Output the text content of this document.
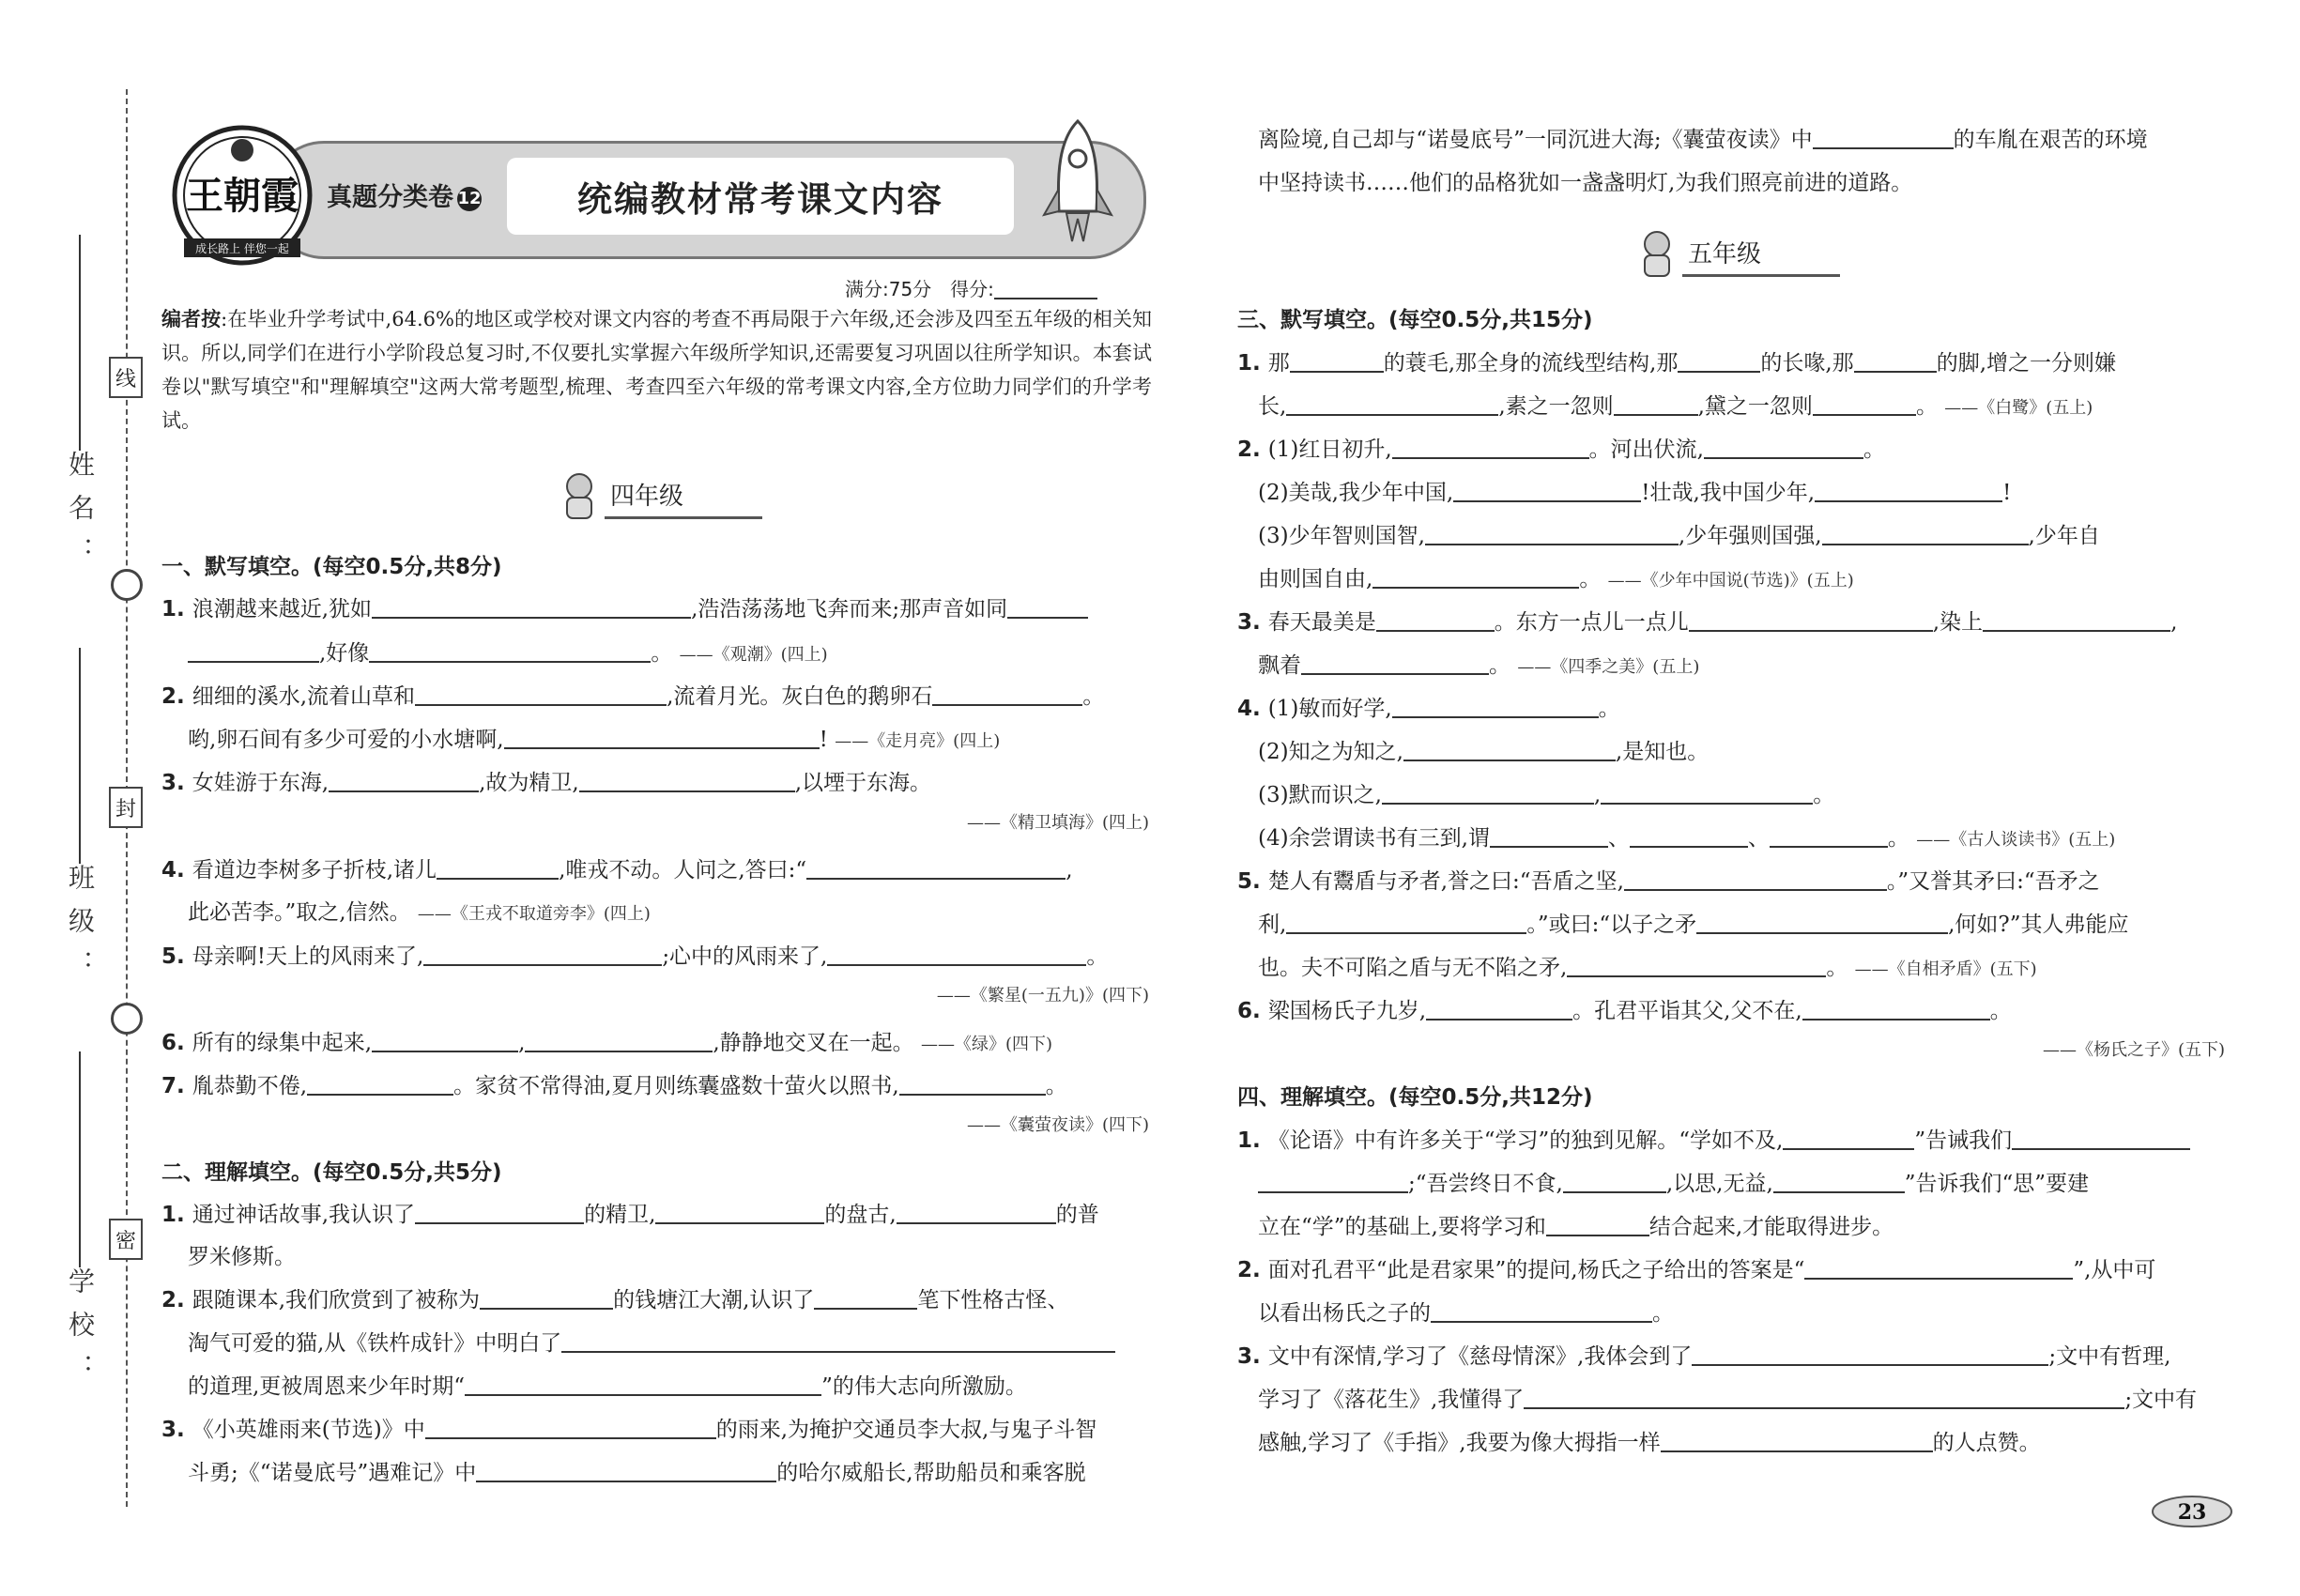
线
封
密
姓名：
班级：
学校：
王朝霞
成长路上 伴您一起
真题分类卷 12	统编教材常考课文内容
满分:75分　得分:
编者按:在毕业升学考试中,64.6%的地区或学校对课文内容的考查不再局限于六年级,还会涉及四至五年级的相关知识。所以,同学们在进行小学阶段总复习时,不仅要扎实掌握六年级所学知识,还需要复习巩固以往所学知识。本套试卷以"默写填空"和"理解填空"这两大常考题型,梳理、考查四至六年级的常考课文内容,全方位助力同学们的升学考试。
四年级
一、默写填空。(每空0.5分,共8分)
1. 浪潮越来越近,犹如	,浩浩荡荡地飞奔而来;那声音如同
,好像	。 ——《观潮》(四上)
2. 细细的溪水,流着山草和	,流着月光。灰白色的鹅卵石	。
哟,卵石间有多少可爱的小水塘啊,	! ——《走月亮》(四上)
3. 女娃游于东海,	,故为精卫,	,以堙于东海。
——《精卫填海》(四上)
4. 看道边李树多子折枝,诸儿	,唯戎不动。人问之,答曰:“	,
此必苦李。”取之,信然。 ——《王戎不取道旁李》(四上)
5. 母亲啊!天上的风雨来了,	;心中的风雨来了,	。
——《繁星(一五九)》(四下)
6. 所有的绿集中起来,	,	,静静地交叉在一起。 ——《绿》(四下)
7. 胤恭勤不倦,	。家贫不常得油,夏月则练囊盛数十萤火以照书,	。
——《囊萤夜读》(四下)
二、理解填空。(每空0.5分,共5分)
1. 通过神话故事,我认识了	的精卫,	的盘古,	的普
罗米修斯。
2. 跟随课本,我们欣赏到了被称为	的钱塘江大潮,认识了	笔下性格古怪、
淘气可爱的猫,从《铁杵成针》中明白了
的道理,更被周恩来少年时期“	”的伟大志向所激励。
3. 《小英雄雨来(节选)》中	的雨来,为掩护交通员李大叔,与鬼子斗智
斗勇;《“诺曼底号”遇难记》中	的哈尔威船长,帮助船员和乘客脱
离险境,自己却与“诺曼底号”一同沉进大海;《囊萤夜读》中	的车胤在艰苦的环境
中坚持读书……他们的品格犹如一盏盏明灯,为我们照亮前进的道路。
五年级
三、默写填空。(每空0.5分,共15分)
1. 那	的蓑毛,那全身的流线型结构,那	的长喙,那	的脚,增之一分则嫌
长,	,素之一忽则	,黛之一忽则	。 ——《白鹭》(五上)
2. (1)红日初升,	。河出伏流,	。
(2)美哉,我少年中国,	!壮哉,我中国少年,	!
(3)少年智则国智,	,少年强则国强,	,少年自
由则国自由,	。 ——《少年中国说(节选)》(五上)
3. 春天最美是	。东方一点儿一点儿	,染上	,
飘着	。 ——《四季之美》(五上)
4. (1)敏而好学,	。
(2)知之为知之,	,是知也。
(3)默而识之,	,	。
(4)余尝谓读书有三到,谓	、	、	。 ——《古人谈读书》(五上)
5. 楚人有鬻盾与矛者,誉之曰:“吾盾之坚,	。”又誉其矛曰:“吾矛之
利,	。”或曰:“以子之矛	,何如?”其人弗能应
也。夫不可陷之盾与无不陷之矛,	。 ——《自相矛盾》(五下)
6. 梁国杨氏子九岁,	。孔君平诣其父,父不在,	。
——《杨氏之子》(五下)
四、理解填空。(每空0.5分,共12分)
1. 《论语》中有许多关于“学习”的独到见解。“学如不及,	”告诫我们
;“吾尝终日不食,	,以思,无益,	”告诉我们“思”要建
立在“学”的基础上,要将学习和	结合起来,才能取得进步。
2. 面对孔君平“此是君家果”的提问,杨氏之子给出的答案是“	”,从中可
以看出杨氏之子的	。
3. 文中有深情,学习了《慈母情深》,我体会到了	;文中有哲理,
学习了《落花生》,我懂得了	;文中有
感触,学习了《手指》,我要为像大拇指一样	的人点赞。
23
